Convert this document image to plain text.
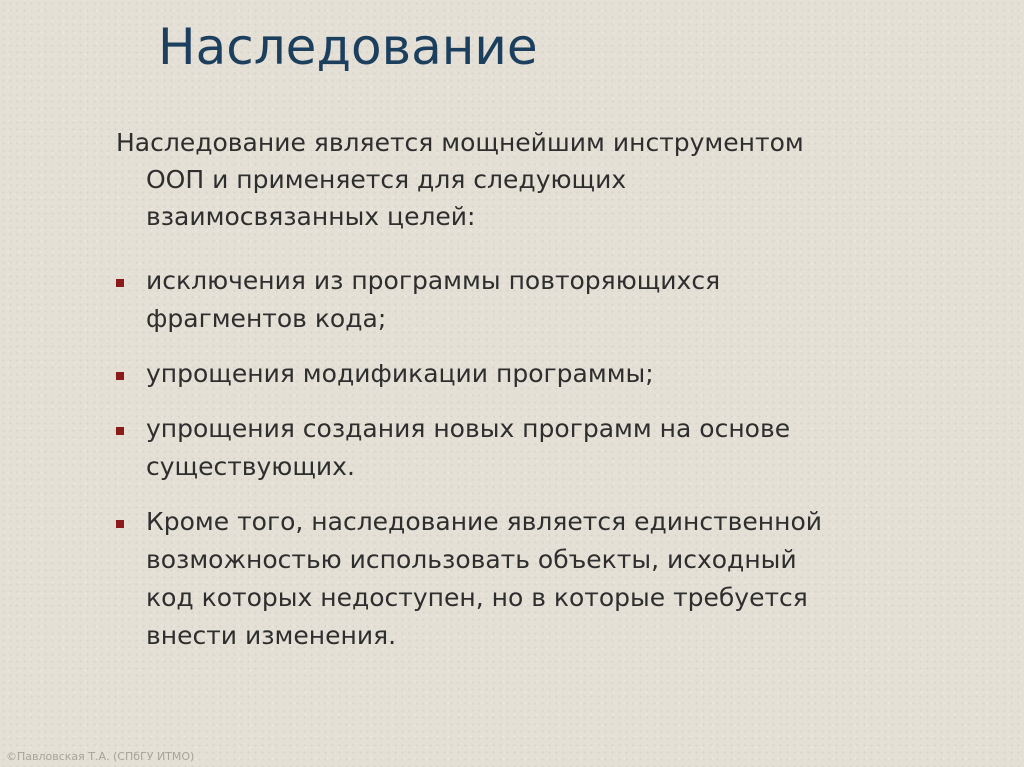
Наследование

Наследование является мощнейшим инструментом
ООП и применяется для следующих
взаимосвязанных целей:

исключения из программы повторяющихся
фрагментов кода;
упрощения модификации программы;
упрощения создания новых программ на основе
существующих.
Кроме того, наследование является единственной
возможностью использовать объекты, исходный
код которых недоступен, но в которые требуется
внести изменения.
©Павловская Т.А. (СПбГУ ИТМО)
